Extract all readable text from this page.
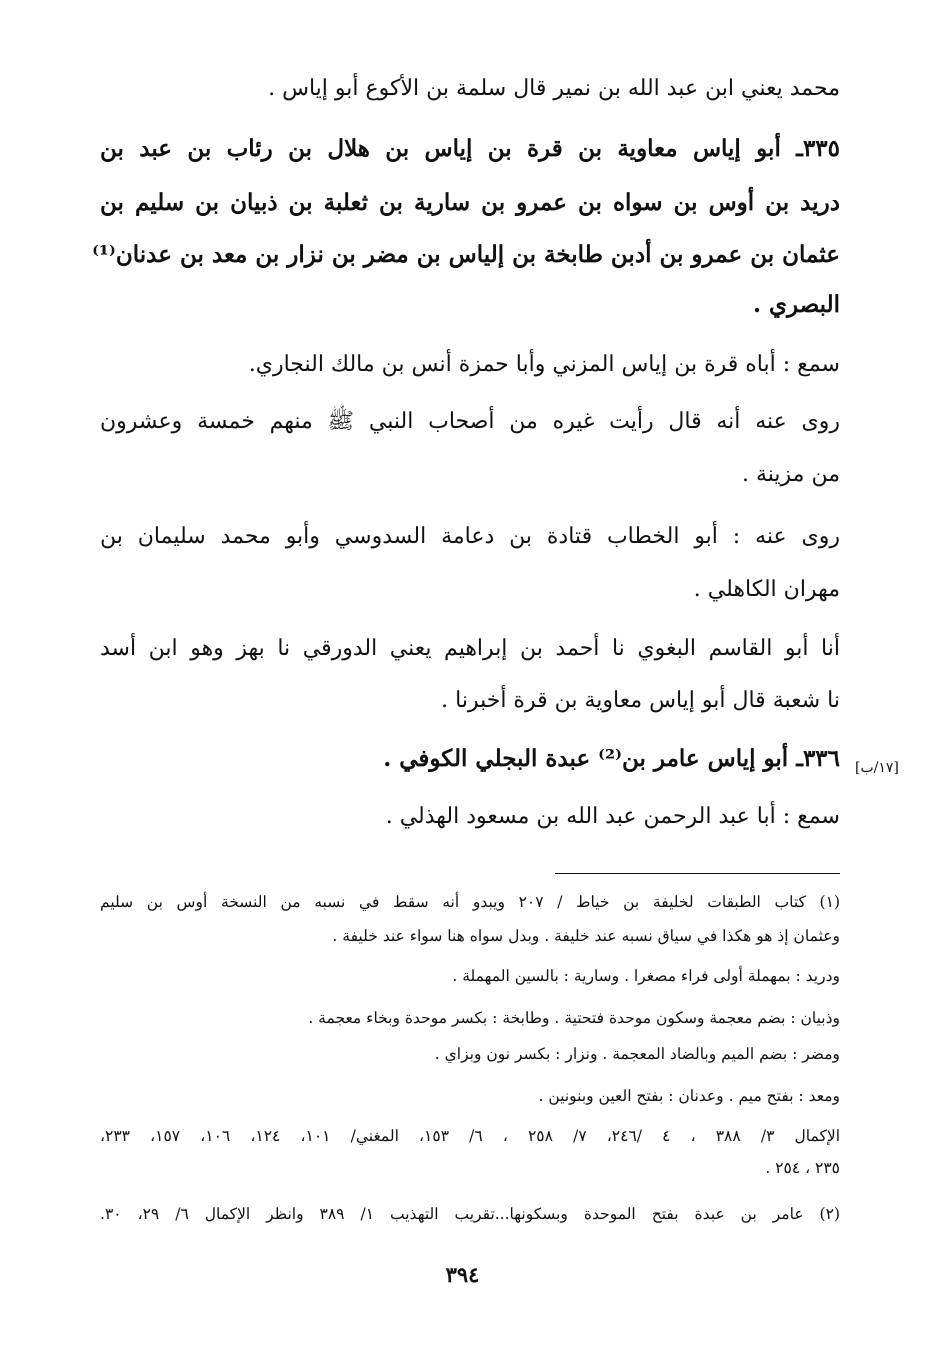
محمد يعني ابن عبد الله بن نمير قال سلمة بن الأكوع أبو إياس .
٣٣٥ـ أبو إياس معاوية بن قرة بن إياس بن هلال بن رئاب بن عبد بن
دريد بن أوس بن سواه بن عمرو بن سارية بن ثعلبة بن ذبيان بن سليم بن
عثمان بن عمرو بن أدبن طابخة بن إلياس بن مضر بن نزار بن معد بن عدنان⁽¹⁾
البصري .
سمع : أباه قرة بن إياس المزني وأبا حمزة أنس بن مالك النجاري.
روى عنه أنه قال رأيت غيره من أصحاب النبي ﷺ منهم خمسة وعشرون
من مزينة .
روى عنه : أبو الخطاب قتادة بن دعامة السدوسي وأبو محمد سليمان بن
مهران الكاهلي .
أنا أبو القاسم البغوي نا أحمد بن إبراهيم يعني الدورقي نا بهز وهو ابن أسد
نا شعبة قال أبو إياس معاوية بن قرة أخبرنا .
٣٣٦ـ أبو إياس عامر بن⁽²⁾ عبدة البجلي الكوفي . [١٧/ب]
سمع : أبا عبد الرحمن عبد الله بن مسعود الهذلي .
(١) كتاب الطبقات لخليفة بن خياط / ٢٠٧ ويبدو أنه سقط في نسبه من النسخة أوس بن سليم
وعثمان إذ هو هكذا في سياق نسبه عند خليفة . وبدل سواه هنا سواء عند خليفة .
ودريد : بمهملة أولى فراء مصغرا . وسارية : بالسين المهملة .
وذبيان : بضم معجمة وسكون موحدة فتحتية . وطابخة : بكسر موحدة وبخاء معجمة .
ومضر : بضم الميم وبالضاد المعجمة . ونزار : بكسر نون وبزاي .
ومعد : بفتح ميم . وعدنان : بفتح العين وبنونين .
الإكمال ٣/ ٣٨٨ ، ٤ /٢٤٦، ٧/ ٢٥٨ ، ٦/ ١٥٣، المغني/ ١٠١، ١٢٤، ١٠٦، ١٥٧، ٢٣٣،
٢٣٥ ، ٢٥٤ .
(٢) عامر بن عبدة بفتح الموحدة وبسكونها...تقريب التهذيب ١/ ٣٨٩ وانظر الإكمال ٦/ ٢٩، ٣٠.
٣٩٤
